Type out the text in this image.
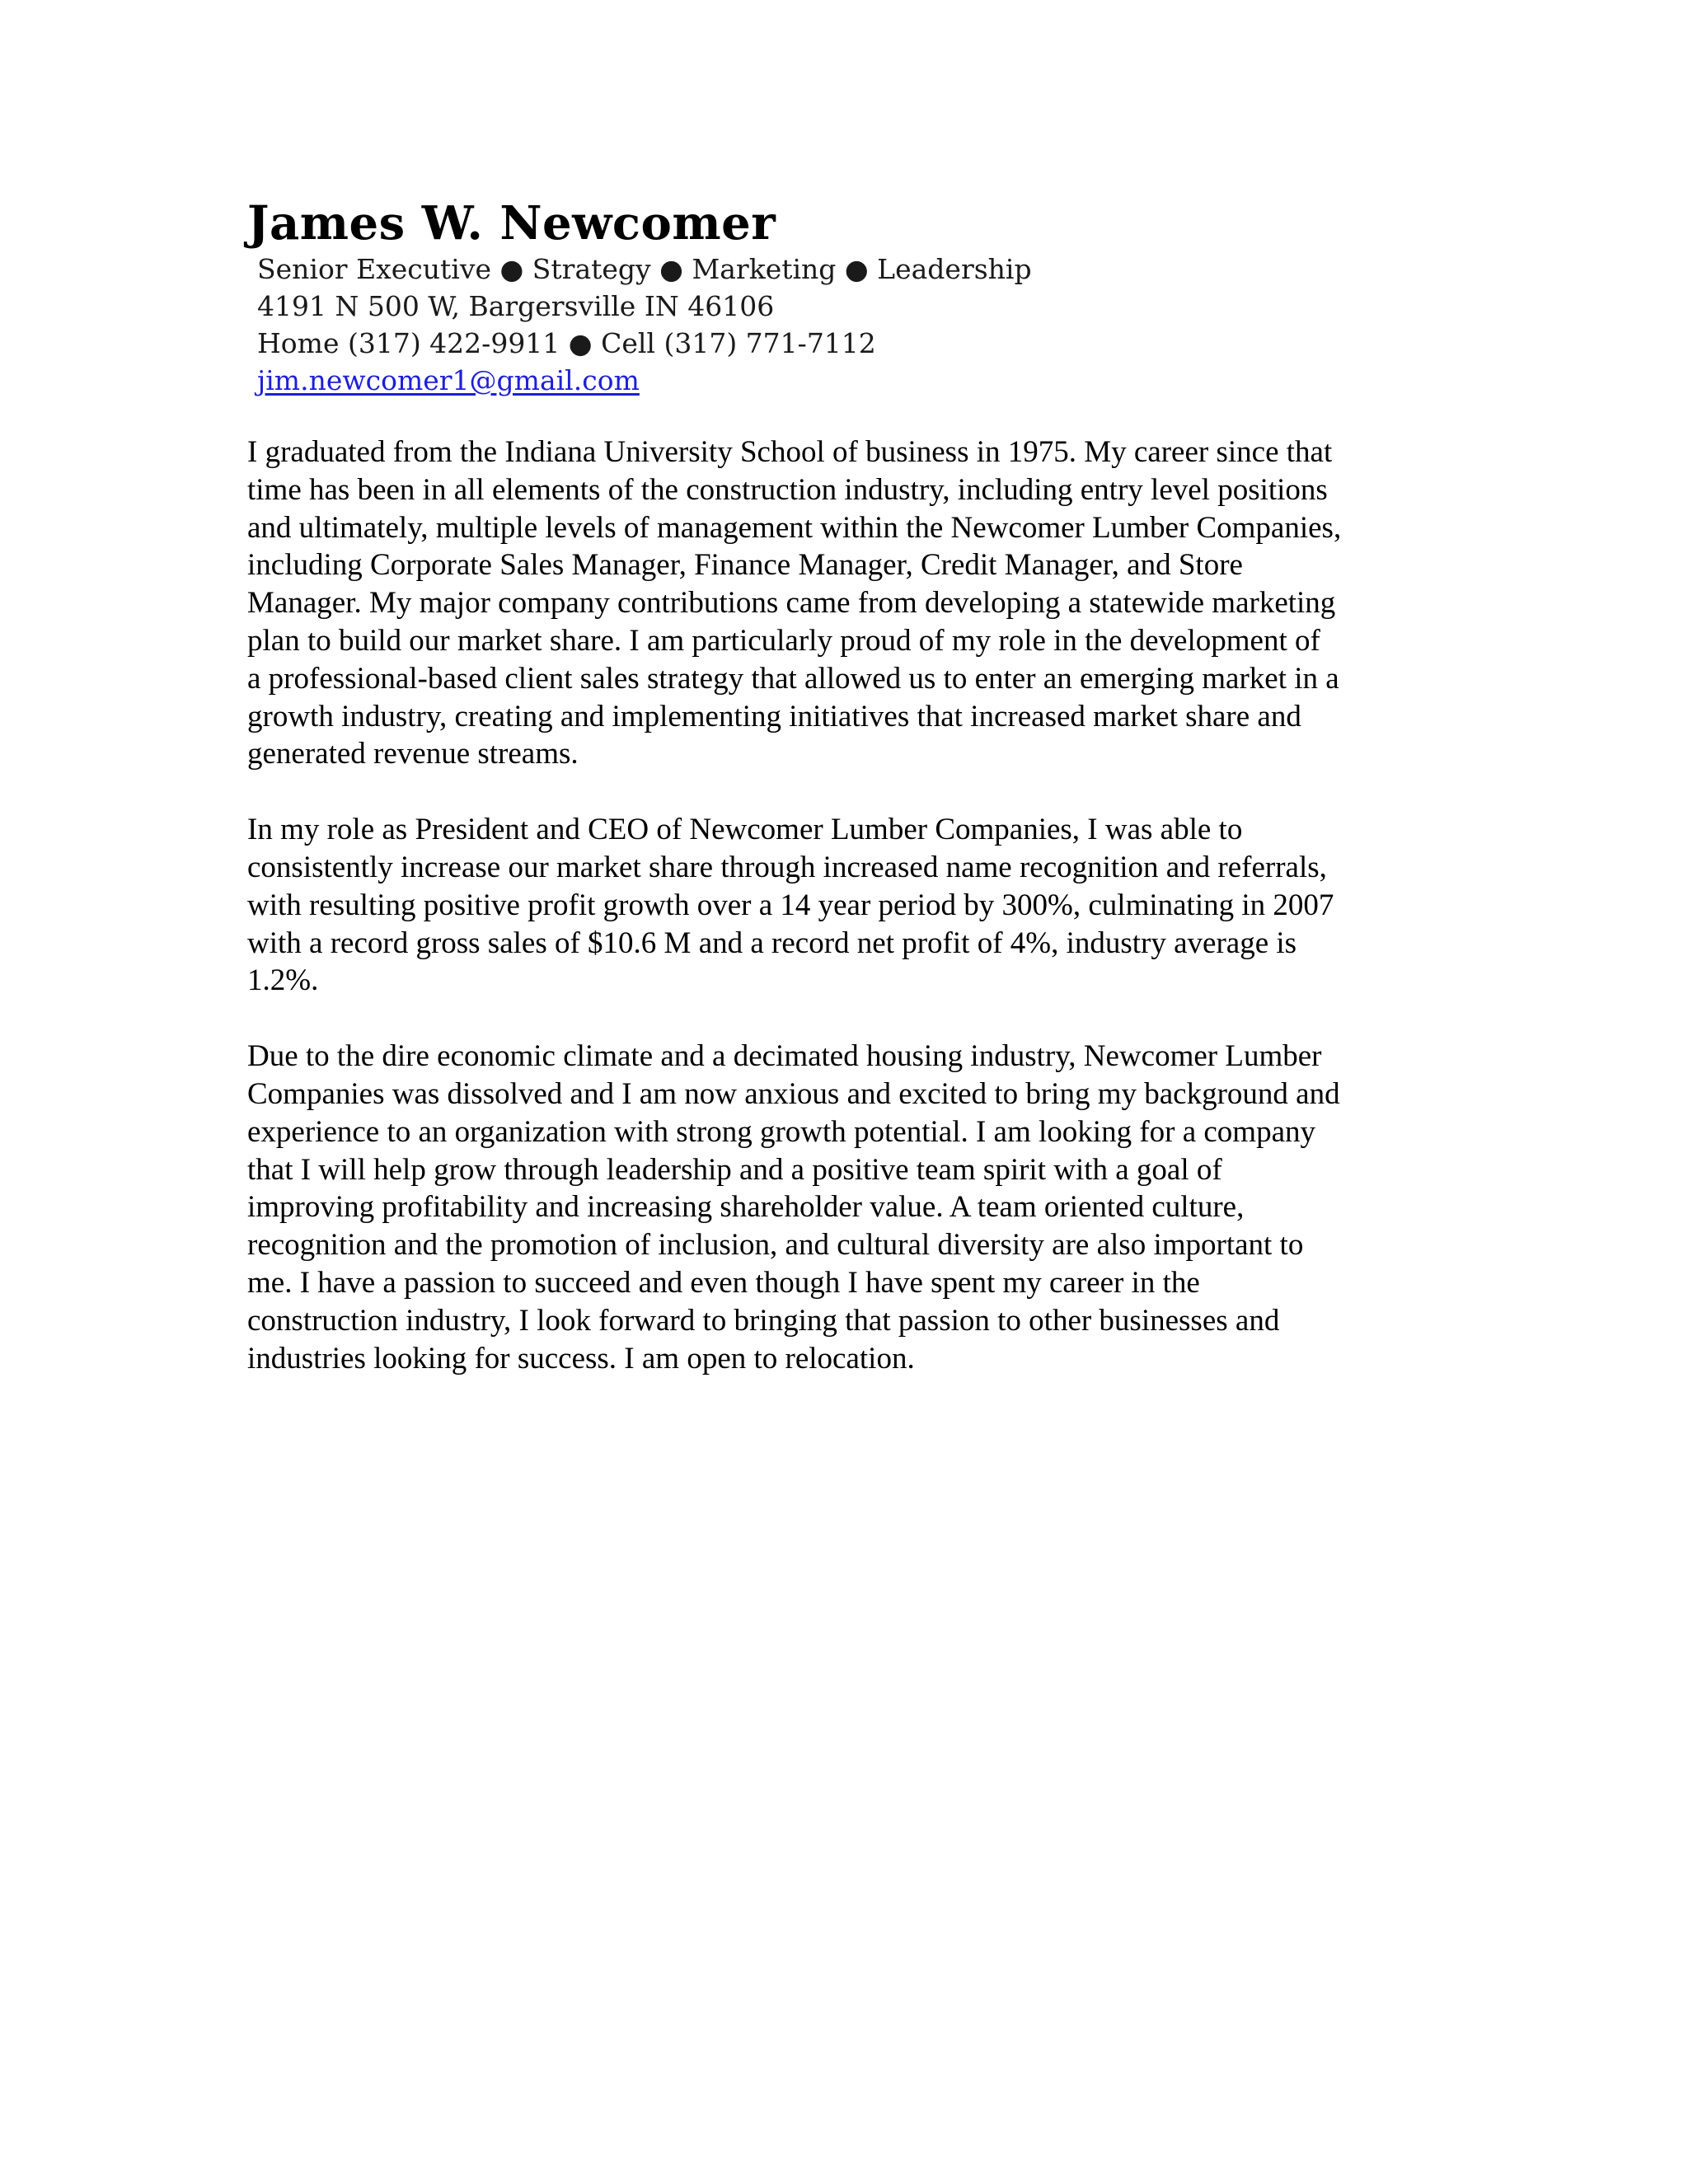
James W. Newcomer
Senior Executive ● Strategy ● Marketing ● Leadership
4191 N 500 W, Bargersville IN 46106
Home (317) 422-9911 ● Cell (317) 771-7112
jim.newcomer1@gmail.com

I graduated from the Indiana University School of business in 1975. My career since that
time has been in all elements of the construction industry, including entry level positions
and ultimately, multiple levels of management within the Newcomer Lumber Companies,
including Corporate Sales Manager, Finance Manager, Credit Manager, and Store
Manager. My major company contributions came from developing a statewide marketing
plan to build our market share. I am particularly proud of my role in the development of
a professional-based client sales strategy that allowed us to enter an emerging market in a
growth industry, creating and implementing initiatives that increased market share and
generated revenue streams.

In my role as President and CEO of Newcomer Lumber Companies, I was able to
consistently increase our market share through increased name recognition and referrals,
with resulting positive profit growth over a 14 year period by 300%, culminating in 2007
with a record gross sales of $10.6 M and a record net profit of 4%, industry average is
1.2%.

Due to the dire economic climate and a decimated housing industry, Newcomer Lumber
Companies was dissolved and I am now anxious and excited to bring my background and
experience to an organization with strong growth potential. I am looking for a company
that I will help grow through leadership and a positive team spirit with a goal of
improving profitability and increasing shareholder value. A team oriented culture,
recognition and the promotion of inclusion, and cultural diversity are also important to
me. I have a passion to succeed and even though I have spent my career in the
construction industry, I look forward to bringing that passion to other businesses and
industries looking for success. I am open to relocation.
